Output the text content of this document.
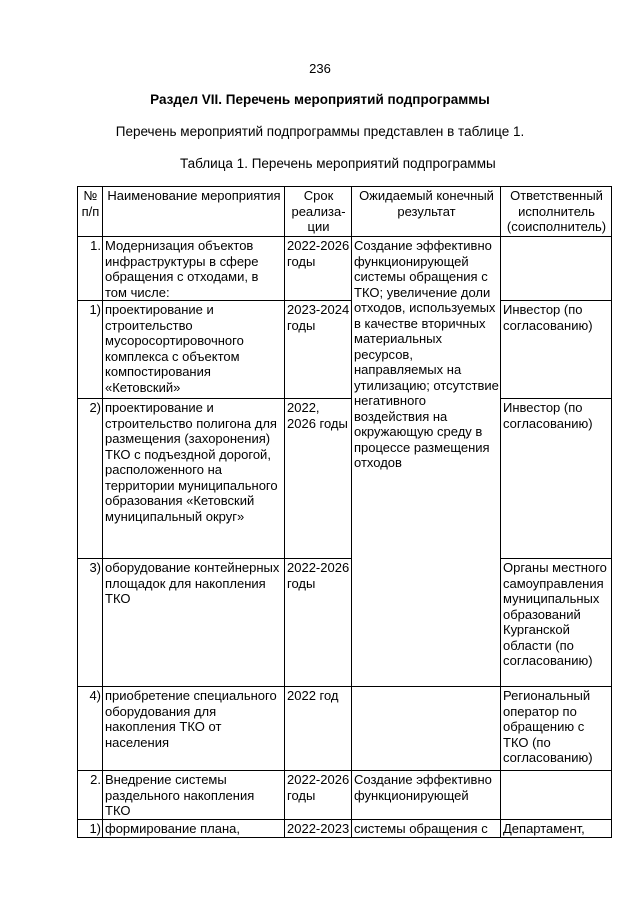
236
Раздел VII. Перечень мероприятий подпрограммы
Перечень мероприятий подпрограммы представлен в таблице 1.
Таблица 1. Перечень мероприятий подпрограммы
№ п/п	Наименование мероприятия	Срок реализа- ции	Ожидаемый конечный результат	Ответственный исполнитель (соисполнитель)
1.	Модернизация объектов инфраструктуры в сфере обращения с отходами, в том числе:	2022-2026 годы	Создание эффективно функционирующей системы обращения с ТКО; увеличение доли отходов, используемых в качестве вторичных материальных ресурсов, направляемых на утилизацию; отсутствие негативного воздействия на окружающую среду в процессе размещения отходов	
1)	проектирование и строительство мусоросортировочного комплекса с объектом компостирования «Кетовский»	2023-2024 годы		Инвестор (по согласованию)
2)	проектирование и строительство полигона для размещения (захоронения) ТКО с подъездной дорогой, расположенного на территории муниципального образования «Кетовский муниципальный округ»	2022, 2026 годы		Инвестор (по согласованию)
3)	оборудование контейнерных площадок для накопления ТКО	2022-2026 годы		Органы местного самоуправления муниципальных образований Курганской области (по согласованию)
4)	приобретение специального оборудования для накопления ТКО от населения	2022 год		Региональный оператор по обращению с ТКО (по согласованию)
2.	Внедрение системы раздельного накопления ТКО	2022-2026 годы	Создание эффективно функционирующей	
1)	формирование плана,	2022-2023	системы обращения с	Департамент,
